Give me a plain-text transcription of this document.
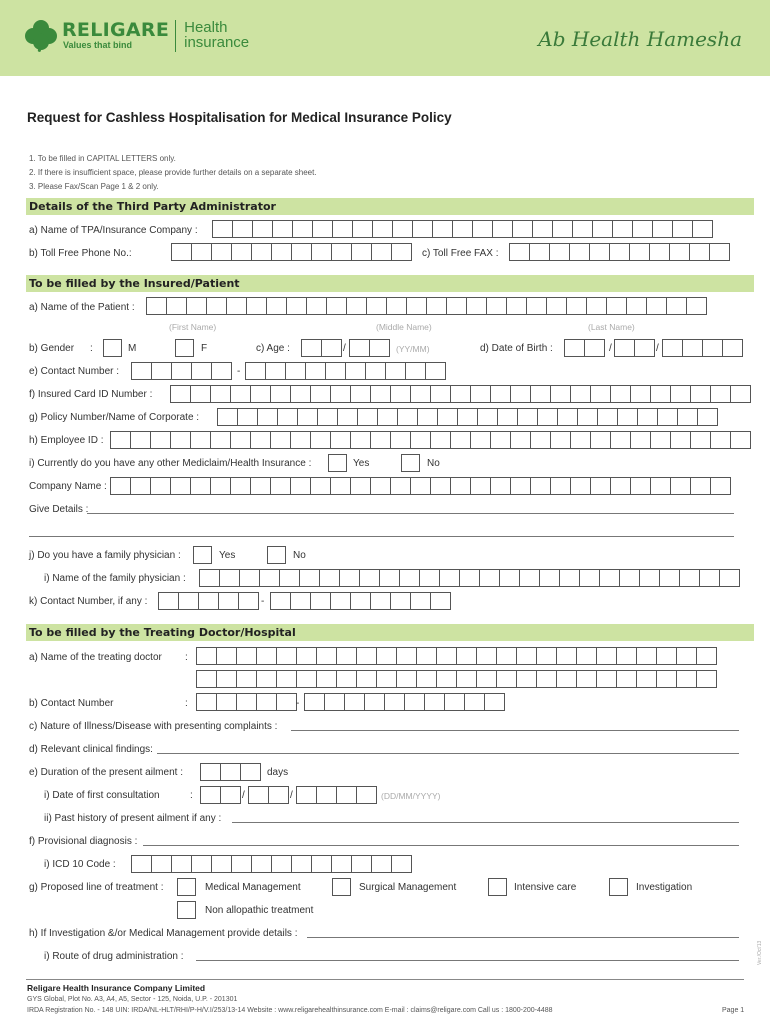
RELIGARE
Values that bind
Health
insurance	Ab Health Hamesha
Request for Cashless Hospitalisation for Medical Insurance Policy
1. To be filled in CAPITAL LETTERS only.
2. If there is insufficient space, please provide further details on a separate sheet.
3. Please Fax/Scan Page 1 & 2 only.
Details of the Third Party Administrator
a) Name of TPA/Insurance Company :
b) Toll Free Phone No.:	c) Toll Free FAX :
To be filled by the Insured/Patient
a) Name of the Patient :
(First Name)	(Middle Name)	(Last Name)
b) Gender :	M	F	c) Age :	/	(YY/MM)	d) Date of Birth :	/	/
e) Contact Number :	-
f) Insured Card ID Number :
g) Policy Number/Name of Corporate :
h) Employee ID :
i) Currently do you have any other Mediclaim/Health Insurance :	Yes	No
Company Name :
Give Details :
j) Do you have a family physician :	Yes	No
i) Name of the family physician :
k) Contact Number, if any :	-
To be filled by the Treating Doctor/Hospital
a) Name of the treating doctor :
b) Contact Number	:	-
c) Nature of Illness/Disease with presenting complaints :
d) Relevant clinical findings:
e) Duration of the present ailment :	days
i) Date of first consultation	:	/	/	(DD/MM/YYYY)
ii) Past history of present ailment if any :
f) Provisional diagnosis :
i) ICD 10 Code :
g) Proposed line of treatment :	Medical Management	Surgical Management	Intensive care	Investigation
Non allopathic treatment
h) If Investigation &/or Medical Management provide details :
i) Route of drug administration :	Ver./Oct'13
Religare Health Insurance Company Limited
GYS Global, Plot No. A3, A4, A5, Sector - 125, Noida, U.P. - 201301
IRDA Registration No. - 148 UIN: IRDA/NL-HLT/RHI/P-H/V.I/253/13-14 Website : www.religarehealthinsurance.com E-mail : claims@religare.com Call us : 1800-200-4488	Page 1
